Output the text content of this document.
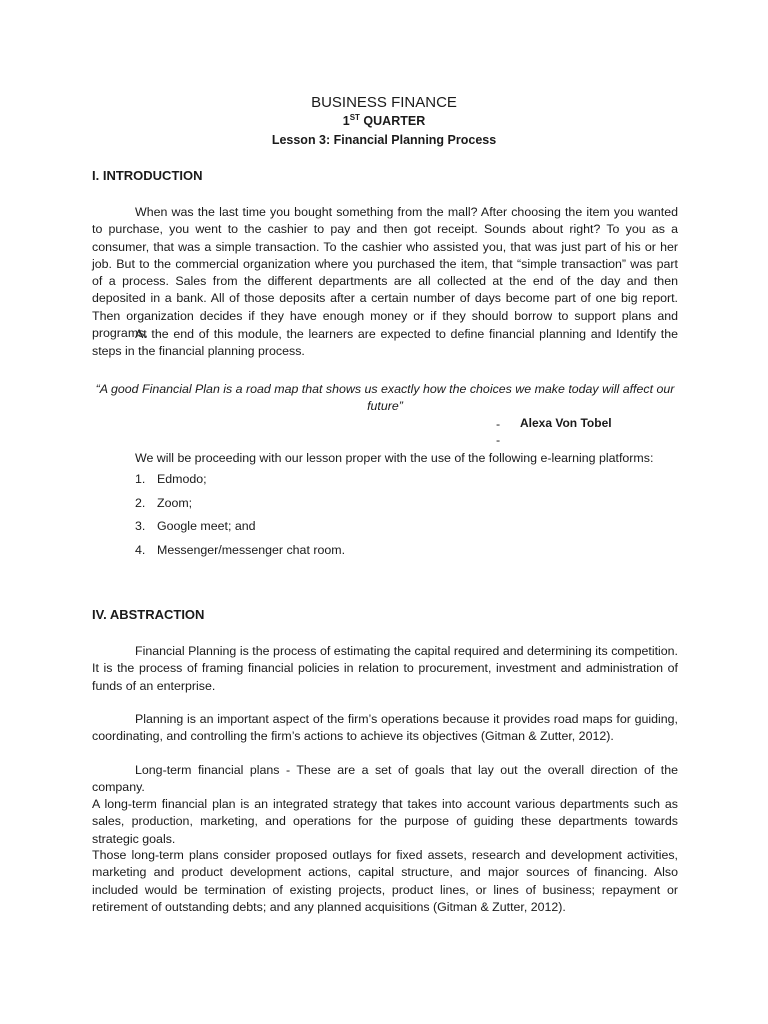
BUSINESS FINANCE
1ST QUARTER
Lesson 3: Financial Planning Process
I. INTRODUCTION

When was the last time you bought something from the mall? After choosing the item you wanted to purchase, you went to the cashier to pay and then got receipt. Sounds about right? To you as a consumer, that was a simple transaction. To the cashier who assisted you, that was just part of his or her job. But to the commercial organization where you purchased the item, that “simple transaction” was part of a process. Sales from the different departments are all collected at the end of the day and then deposited in a bank. All of those deposits after a certain number of days become part of one big report. Then organization decides if they have enough money or if they should borrow to support plans and programs.

At the end of this module, the learners are expected to define financial planning and Identify the steps in the financial planning process.

“A good Financial Plan is a road map that shows us exactly how the choices we make today will affect our future”

- Alexa Von Tobel
-

We will be proceeding with our lesson proper with the use of the following e-learning platforms:

1. Edmodo;
2. Zoom;
3. Google meet; and
4. Messenger/messenger chat room.
IV. ABSTRACTION

Financial Planning is the process of estimating the capital required and determining its competition. It is the process of framing financial policies in relation to procurement, investment and administration of funds of an enterprise.

Planning is an important aspect of the firm’s operations because it provides road maps for guiding, coordinating, and controlling the firm’s actions to achieve its objectives (Gitman & Zutter, 2012).

Long-term financial plans - These are a set of goals that lay out the overall direction of the company.

A long-term financial plan is an integrated strategy that takes into account various departments such as sales, production, marketing, and operations for the purpose of guiding these departments towards strategic goals.

Those long-term plans consider proposed outlays for fixed assets, research and development activities, marketing and product development actions, capital structure, and major sources of financing. Also included would be termination of existing projects, product lines, or lines of business; repayment or retirement of outstanding debts; and any planned acquisitions (Gitman & Zutter, 2012).
